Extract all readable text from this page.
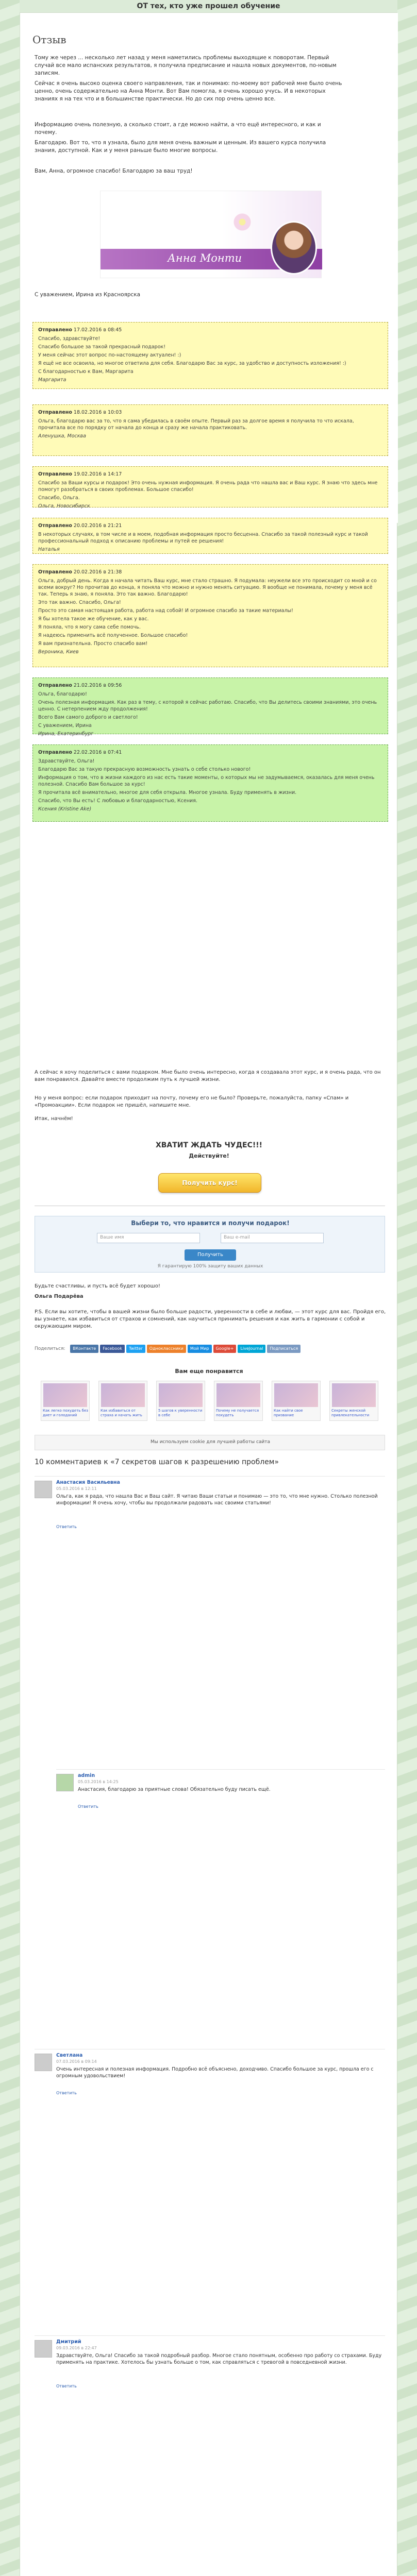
ОТ тех, кто уже прошел обучение
Отзыв
Тому же через ... несколько лет назад у меня наметились проблемы выходящие к поворотам. Первый случай все мало испанских результатов, я получила предписание и нашла новых документов, по-новым записям.
Сейчас я очень высоко оценка своего направления, так и понимаю: по-моему вот рабочей мне было очень ценно, очень содержательно на Анна Монти. Вот Вам помогла, я очень хорошо учусь. И в некоторых знаниях я на тех что и в большинстве практически. Но до сих пор очень ценно все.
Информацию очень полезную, а сколько стоит, а где можно найти, а что ещё интересного, и как и почему.
Благодарю. Вот то, что я узнала, было для меня очень важным и ценным. Из вашего курса получила знания, доступной. Как и у меня раньше было многие вопросы.
Вам, Анна, огромное спасибо! Благодарю за ваш труд!
Анна Монти
С уважением, Ирина из Красноярска
Отправлено 17.02.2016 в 08:45

Спасибо, здравствуйте!

Спасибо большое за такой прекрасный подарок!

У меня сейчас этот вопрос по-настоящему актуален! :)

Я ещё не все освоила, но многое ответила для себя. Благодарю Вас за курс, за удобство и доступность изложения! :)

С благодарностью к Вам, Маргарита

Маргарита

Отправлено 18.02.2016 в 10:03

Ольга, благодарю вас за то, что я сама убедилась в своём опыте. Первый раз за долгое время я получила то что искала, прочитала все по порядку от начала до конца и сразу же начала практиковать.

Аленушка, Москва

Отправлено 19.02.2016 в 14:17

Спасибо за Ваши курсы и подарок! Это очень нужная информация. Я очень рада что нашла вас и Ваш курс. Я знаю что здесь мне помогут разобраться в своих проблемах. Большое спасибо!

Спасибо, Ольга.

Ольга, Новосибирск

Отправлено 20.02.2016 в 21:21

В некоторых случаях, в том числе и в моем, подобная информация просто бесценна. Спасибо за такой полезный курс и такой профессиональный подход к описанию проблемы и путей ее решения!

Наталья

Отправлено 20.02.2016 в 21:38

Ольга, добрый день. Когда я начала читать Ваш курс, мне стало страшно. Я подумала: неужели все это происходит со мной и со всеми вокруг? Но прочитав до конца, я поняла что можно и нужно менять ситуацию. Я вообще не понимала, почему у меня всё так. Теперь я знаю, я поняла. Это так важно. Благодарю!

Это так важно. Спасибо, Ольга!

Просто это самая настоящая работа, работа над собой! И огромное спасибо за такие материалы!

Я бы хотела такое же обучение, как у вас.

Я поняла, что я могу сама себе помочь.

Я надеюсь применить всё полученное. Большое спасибо!

Я вам признательна. Просто спасибо вам!

Вероника, Киев

Отправлено 21.02.2016 в 09:56

Ольга, благодарю!

Очень полезная информация. Как раз в тему, с которой я сейчас работаю. Спасибо, что Вы делитесь своими знаниями, это очень ценно. С нетерпением жду продолжения!

Всего Вам самого доброго и светлого!

С уважением, Ирина

Ирина, Екатеринбург

Отправлено 22.02.2016 в 07:41

Здравствуйте, Ольга!

Благодарю Вас за такую прекрасную возможность узнать о себе столько нового!

Информация о том, что в жизни каждого из нас есть такие моменты, о которых мы не задумываемся, оказалась для меня очень полезной. Спасибо Вам большое за курс!

Я прочитала всё внимательно, многое для себя открыла. Многое узнала. Буду применять в жизни.

Спасибо, что Вы есть! С любовью и благодарностью, Ксения.

Ксения (Kristine Ake)

А сейчас я хочу поделиться с вами подарком. Мне было очень интересно, когда я создавала этот курс, и я очень рада, что он вам понравился. Давайте вместе продолжим путь к лучшей жизни.
Но у меня вопрос: если подарок приходит на почту, почему его не было? Проверьте, пожалуйста, папку «Спам» и «Промоакции». Если подарок не пришёл, напишите мне.
Итак, начнём!
ХВАТИТ ЖДАТЬ ЧУДЕС!!!
Действуйте!
Получить курс!
Выбери то, что нравится и получи подарок!
Ваше имя	Ваш e-mail
Получить
Я гарантирую 100% защиту ваших данных
Будьте счастливы, и пусть всё будет хорошо!
Ольга Подарёва
P.S. Если вы хотите, чтобы в вашей жизни было больше радости, уверенности в себе и любви, — этот курс для вас. Пройдя его, вы узнаете, как избавиться от страхов и сомнений, как научиться принимать решения и как жить в гармонии с собой и окружающим миром.
Поделиться: ВКонтакте Facebook Twitter Одноклассники Мой Мир Google+ LiveJournal Подписаться
Вам еще понравится
Как легко похудеть без диет и голоданий
Как избавиться от страха и начать жить
5 шагов к уверенности в себе
Почему не получается похудеть
Как найти свое призвание
Секреты женской привлекательности
Мы используем cookie для лучшей работы сайта
10 комментариев к «7 секретов шагов к разрешению проблем»
Анастасия Васильевна
05.03.2016 в 12:11
Ольга, как я рада, что нашла Вас и Ваш сайт. Я читаю Ваши статьи и понимаю — это то, что мне нужно. Столько полезной информации! Я очень хочу, чтобы вы продолжали радовать нас своими статьями!
Ответить
admin
05.03.2016 в 14:25
Анастасия, благодарю за приятные слова! Обязательно буду писать ещё.
Ответить
Светлана
07.03.2016 в 09:14
Очень интересная и полезная информация. Подробно всё объяснено, доходчиво. Спасибо большое за курс, прошла его с огромным удовольствием!
Ответить
Дмитрий
09.03.2016 в 22:47
Здравствуйте, Ольга! Спасибо за такой подробный разбор. Многое стало понятным, особенно про работу со страхами. Буду применять на практике. Хотелось бы узнать больше о том, как справляться с тревогой в повседневной жизни.
Ответить
